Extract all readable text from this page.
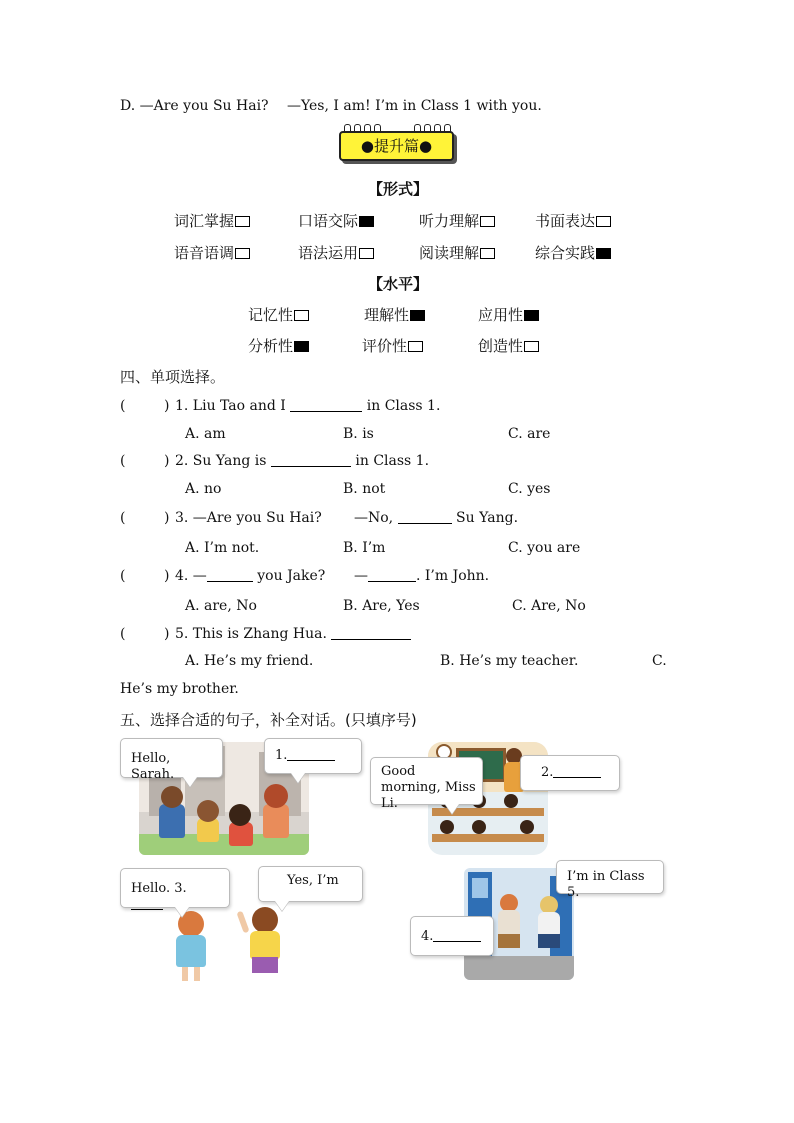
D. —Are you Su Hai? —Yes, I am! I’m in Class 1 with you.
●提升篇●
【形式】
词汇掌握	口语交际	听力理解	书面表达
语音语调	语法运用	阅读理解	综合实践
【水平】
记忆性	理解性	应用性
分析性	评价性	创造性
四、单项选择。
(	) 1. Liu Tao and I	in Class 1.
A. am	B. is	C. are
(	) 2. Su Yang is	in Class 1.
A. no	B. not	C. yes
(	) 3. —Are you Su Hai? —No,	Su Yang.
A. I’m not.	B. I’m	C. you are
(	) 4. —	you Jake? —	. I’m John.
A. are, No	B. Are, Yes	C. Are, No
(	) 5. This is Zhang Hua.
A. He’s my friend.	B. He’s my teacher.	C.
He’s my brother.
五、选择合适的句子，补全对话。(只填序号)
Hello, Sarah.
1.
Good morning, Miss Li.
2.
Hello. 3.
Yes, I’m	I’m in Class 5.
4.
